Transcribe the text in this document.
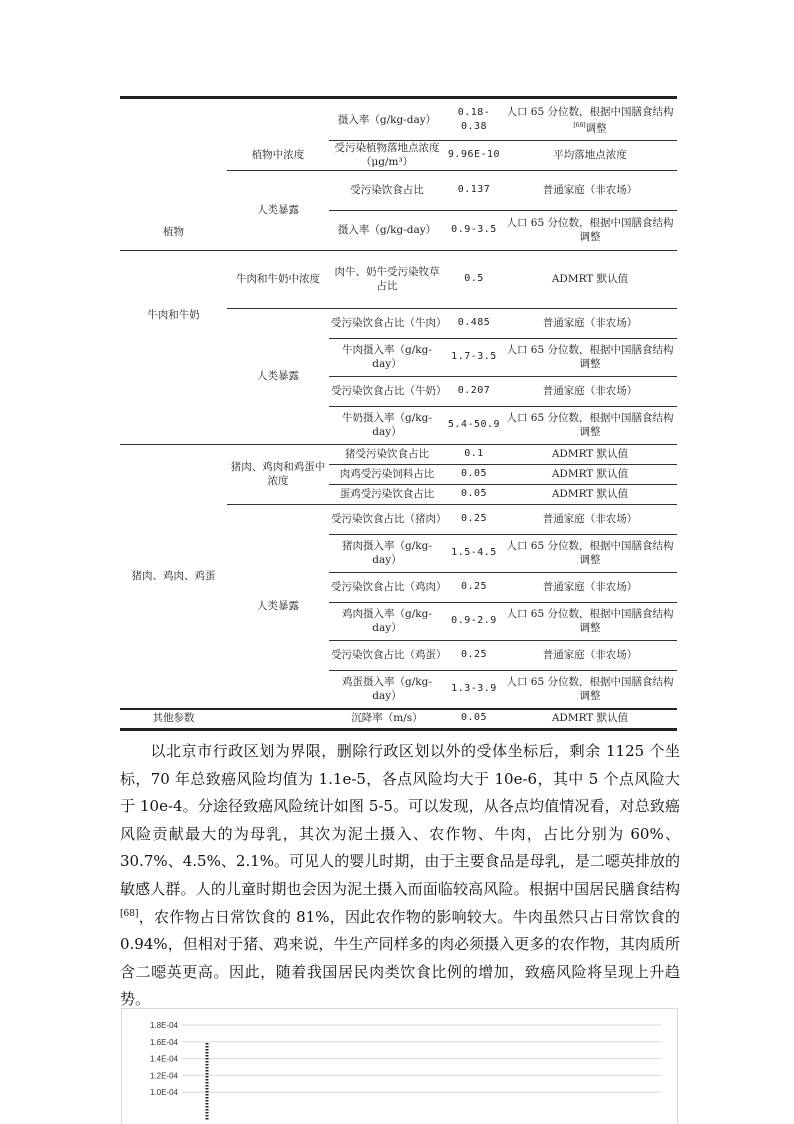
植物		摄入率（g/kg-day）	0.18-0.38	人口 65 分位数，根据中国膳食结构[68]调整
	植物中浓度	受污染植物落地点浓度（μg/m³）	9.96E-10	平均落地点浓度
	人类暴露	受污染饮食占比	0.137	普通家庭（非农场）
		摄入率（g/kg-day）	0.9-3.5	人口 65 分位数，根据中国膳食结构调整
	牛肉和牛奶中浓度	肉牛、奶牛受污染牧草占比	0.5	ADMRT 默认值
牛肉和牛奶	人类暴露	受污染饮食占比（牛肉）	0.485	普通家庭（非农场）
		牛肉摄入率（g/kg-day）	1.7-3.5	人口 65 分位数，根据中国膳食结构调整
		受污染饮食占比（牛奶）	0.207	普通家庭（非农场）
		牛奶摄入率（g/kg-day）	5.4-50.9	人口 65 分位数，根据中国膳食结构调整
猪肉、鸡肉、鸡蛋	猪肉、鸡肉和鸡蛋中浓度	猪受污染饮食占比	0.1	ADMRT 默认值
		肉鸡受污染饲料占比	0.05	ADMRT 默认值
		蛋鸡受污染饮食占比	0.05	ADMRT 默认值
	人类暴露	受污染饮食占比（猪肉）	0.25	普通家庭（非农场）
		猪肉摄入率（g/kg-day）	1.5-4.5	人口 65 分位数，根据中国膳食结构调整
		受污染饮食占比（鸡肉）	0.25	普通家庭（非农场）
		鸡肉摄入率（g/kg-day）	0.9-2.9	人口 65 分位数，根据中国膳食结构调整
		受污染饮食占比（鸡蛋）	0.25	普通家庭（非农场）
		鸡蛋摄入率（g/kg-day）	1.3-3.9	人口 65 分位数，根据中国膳食结构调整
其他参数		沉降率（m/s）	0.05	ADMRT 默认值
以北京市行政区划为界限，删除行政区划以外的受体坐标后，剩余 1125 个坐标，70 年总致癌风险均值为 1.1e-5，各点风险均大于 10e-6，其中 5 个点风险大于 10e-4。分途径致癌风险统计如图 5-5。可以发现，从各点均值情况看，对总致癌风险贡献最大的为母乳，其次为泥土摄入、农作物、牛肉，占比分别为 60%、30.7%、4.5%、2.1%。可见人的婴儿时期，由于主要食品是母乳，是二噁英排放的敏感人群。人的儿童时期也会因为泥土摄入而面临较高风险。根据中国居民膳食结构[68]，农作物占日常饮食的 81%，因此农作物的影响较大。牛肉虽然只占日常饮食的 0.94%，但相对于猪、鸡来说，牛生产同样多的肉必须摄入更多的农作物，其肉质所含二噁英更高。因此，随着我国居民肉类饮食比例的增加，致癌风险将呈现上升趋势。
1.8E-04
1.6E-04
1.4E-04
1.2E-04
1.0E-04
